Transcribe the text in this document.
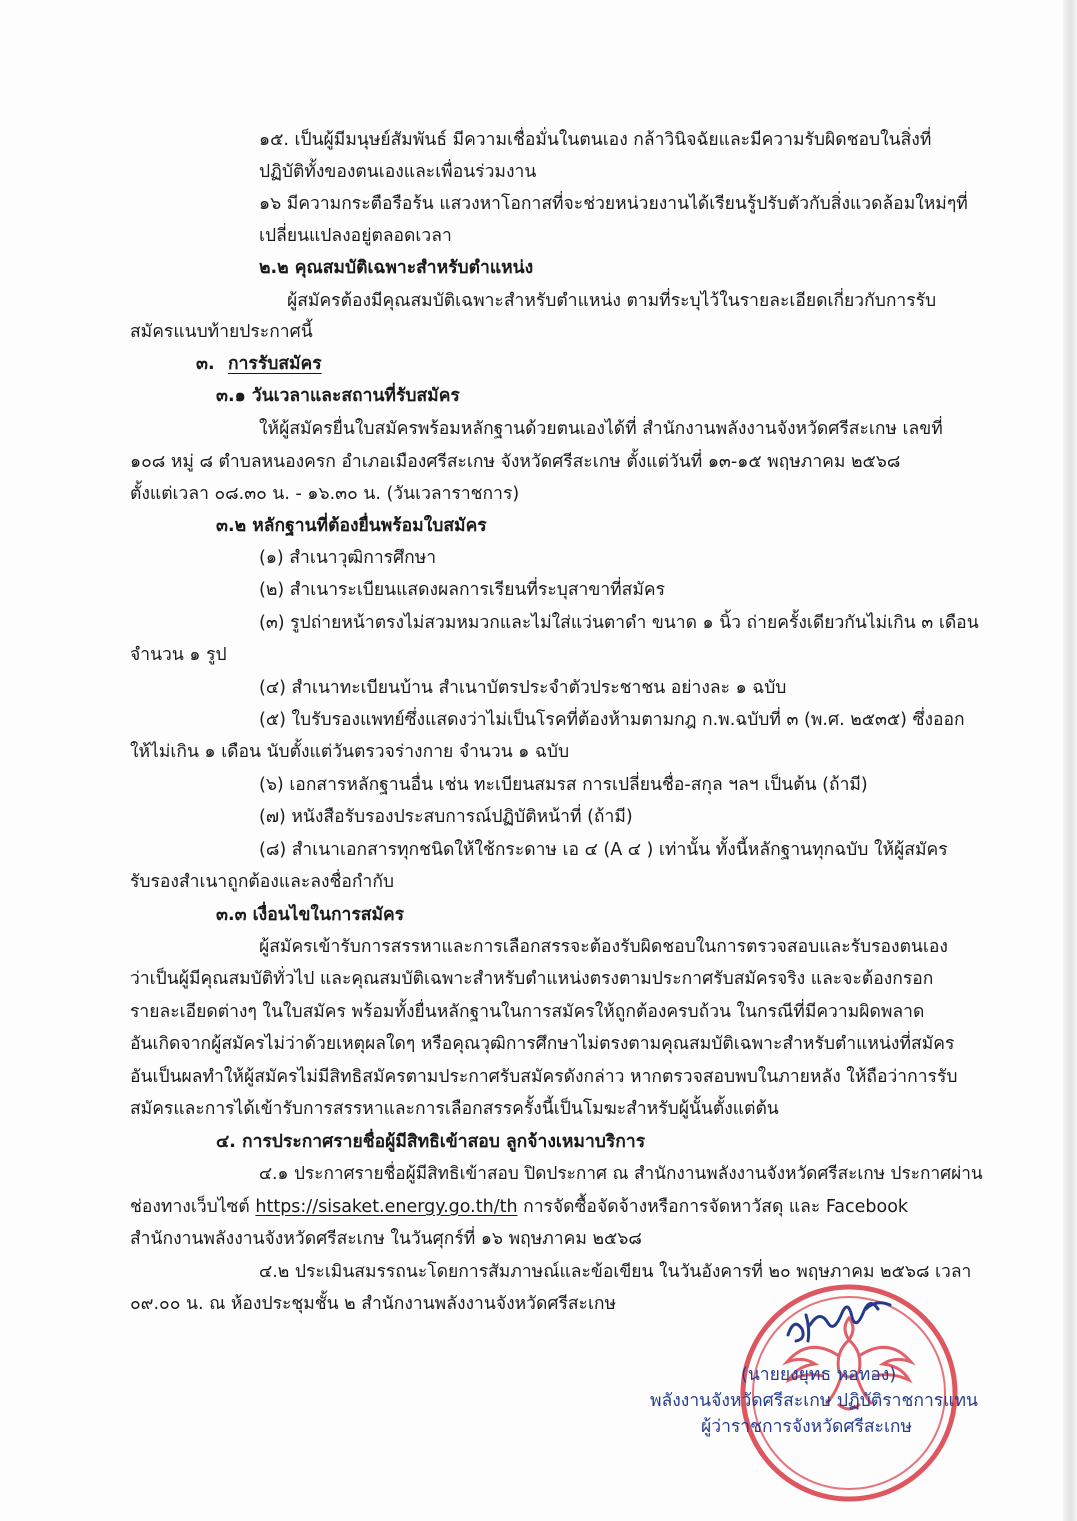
๑๕. เป็นผู้มีมนุษย์สัมพันธ์ มีความเชื่อมั่นในตนเอง กล้าวินิจฉัยและมีความรับผิดชอบในสิ่งที่
ปฏิบัติทั้งของตนเองและเพื่อนร่วมงาน
๑๖ มีความกระตือรือร้น แสวงหาโอกาสที่จะช่วยหน่วยงานได้เรียนรู้ปรับตัวกับสิ่งแวดล้อมใหม่ๆที่
เปลี่ยนแปลงอยู่ตลอดเวลา
๒.๒ คุณสมบัติเฉพาะสำหรับตำแหน่ง
ผู้สมัครต้องมีคุณสมบัติเฉพาะสำหรับตำแหน่ง ตามที่ระบุไว้ในรายละเอียดเกี่ยวกับการรับ
สมัครแนบท้ายประกาศนี้
๓. การรับสมัคร
๓.๑ วันเวลาและสถานที่รับสมัคร
ให้ผู้สมัครยื่นใบสมัครพร้อมหลักฐานด้วยตนเองได้ที่ สำนักงานพลังงานจังหวัดศรีสะเกษ เลขที่
๑๐๘ หมู่ ๘ ตำบลหนองครก อำเภอเมืองศรีสะเกษ จังหวัดศรีสะเกษ ตั้งแต่วันที่ ๑๓-๑๕ พฤษภาคม ๒๕๖๘
ตั้งแต่เวลา ๐๘.๓๐ น. - ๑๖.๓๐ น. (วันเวลาราชการ)
๓.๒ หลักฐานที่ต้องยื่นพร้อมใบสมัคร
(๑) สำเนาวุฒิการศึกษา
(๒) สำเนาระเบียนแสดงผลการเรียนที่ระบุสาขาที่สมัคร
(๓) รูปถ่ายหน้าตรงไม่สวมหมวกและไม่ใส่แว่นตาดำ ขนาด ๑ นิ้ว ถ่ายครั้งเดียวกันไม่เกิน ๓ เดือน
จำนวน ๑ รูป
(๔) สำเนาทะเบียนบ้าน สำเนาบัตรประจำตัวประชาชน อย่างละ ๑ ฉบับ
(๕) ใบรับรองแพทย์ซึ่งแสดงว่าไม่เป็นโรคที่ต้องห้ามตามกฎ ก.พ.ฉบับที่ ๓ (พ.ศ. ๒๕๓๕) ซึ่งออก
ให้ไม่เกิน ๑ เดือน นับตั้งแต่วันตรวจร่างกาย จำนวน ๑ ฉบับ
(๖) เอกสารหลักฐานอื่น เช่น ทะเบียนสมรส การเปลี่ยนชื่อ-สกุล ฯลฯ เป็นต้น (ถ้ามี)
(๗) หนังสือรับรองประสบการณ์ปฏิบัติหน้าที่ (ถ้ามี)
(๘) สำเนาเอกสารทุกชนิดให้ใช้กระดาษ เอ ๔ (A ๔ ) เท่านั้น ทั้งนี้หลักฐานทุกฉบับ ให้ผู้สมัคร
รับรองสำเนาถูกต้องและลงชื่อกำกับ
๓.๓ เงื่อนไขในการสมัคร
ผู้สมัครเข้ารับการสรรหาและการเลือกสรรจะต้องรับผิดชอบในการตรวจสอบและรับรองตนเอง
ว่าเป็นผู้มีคุณสมบัติทั่วไป และคุณสมบัติเฉพาะสำหรับตำแหน่งตรงตามประกาศรับสมัครจริง และจะต้องกรอก
รายละเอียดต่างๆ ในใบสมัคร พร้อมทั้งยื่นหลักฐานในการสมัครให้ถูกต้องครบถ้วน ในกรณีที่มีความผิดพลาด
อันเกิดจากผู้สมัครไม่ว่าด้วยเหตุผลใดๆ หรือคุณวุฒิการศึกษาไม่ตรงตามคุณสมบัติเฉพาะสำหรับตำแหน่งที่สมัคร
อันเป็นผลทำให้ผู้สมัครไม่มีสิทธิสมัครตามประกาศรับสมัครดังกล่าว หากตรวจสอบพบในภายหลัง ให้ถือว่าการรับ
สมัครและการได้เข้ารับการสรรหาและการเลือกสรรครั้งนี้เป็นโมฆะสำหรับผู้นั้นตั้งแต่ต้น
๔. การประกาศรายชื่อผู้มีสิทธิเข้าสอบ ลูกจ้างเหมาบริการ
๔.๑ ประกาศรายชื่อผู้มีสิทธิเข้าสอบ ปิดประกาศ ณ สำนักงานพลังงานจังหวัดศรีสะเกษ ประกาศผ่าน
ช่องทางเว็บไซต์ https://sisaket.energy.go.th/th การจัดซื้อจัดจ้างหรือการจัดหาวัสดุ และ Facebook
สำนักงานพลังงานจังหวัดศรีสะเกษ ในวันศุกร์ที่ ๑๖ พฤษภาคม ๒๕๖๘
๔.๒ ประเมินสมรรถนะโดยการสัมภาษณ์และข้อเขียน ในวันอังคารที่ ๒๐ พฤษภาคม ๒๕๖๘ เวลา
๐๙.๐๐ น. ณ ห้องประชุมชั้น ๒ สำนักงานพลังงานจังหวัดศรีสะเกษ
(นายยงยุทธ หอทอง)
พลังงานจังหวัดศรีสะเกษ ปฏิบัติราชการแทน
ผู้ว่าราชการจังหวัดศรีสะเกษ
